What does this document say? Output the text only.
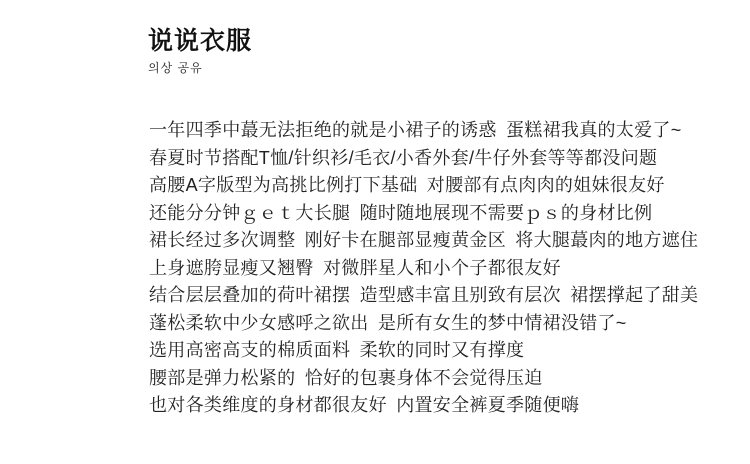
说说衣服
의상 공유
一年四季中蕞无法拒绝的就是小裙子的诱惑 蛋糕裙我真的太爱了~
春夏时节搭配T恤/针织衫/毛衣/小香外套/牛仔外套等等都没问题
高腰A字版型为高挑比例打下基础 对腰部有点肉肉的姐妹很友好
还能分分钟ｇｅｔ大长腿 随时随地展现不需要ｐｓ的身材比例
裙长经过多次调整 刚好卡在腿部显瘦黄金区 将大腿蕞肉的地方遮住
上身遮胯显瘦又翘臀 对微胖星人和小个子都很友好
结合层层叠加的荷叶裙摆 造型感丰富且别致有层次 裙摆撑起了甜美
蓬松柔软中少女感呼之欲出 是所有女生的梦中情裙没错了~
选用高密高支的棉质面料 柔软的同时又有撑度
腰部是弹力松紧的 恰好的包裹身体不会觉得压迫
也对各类维度的身材都很友好 内置安全裤夏季随便嗨
